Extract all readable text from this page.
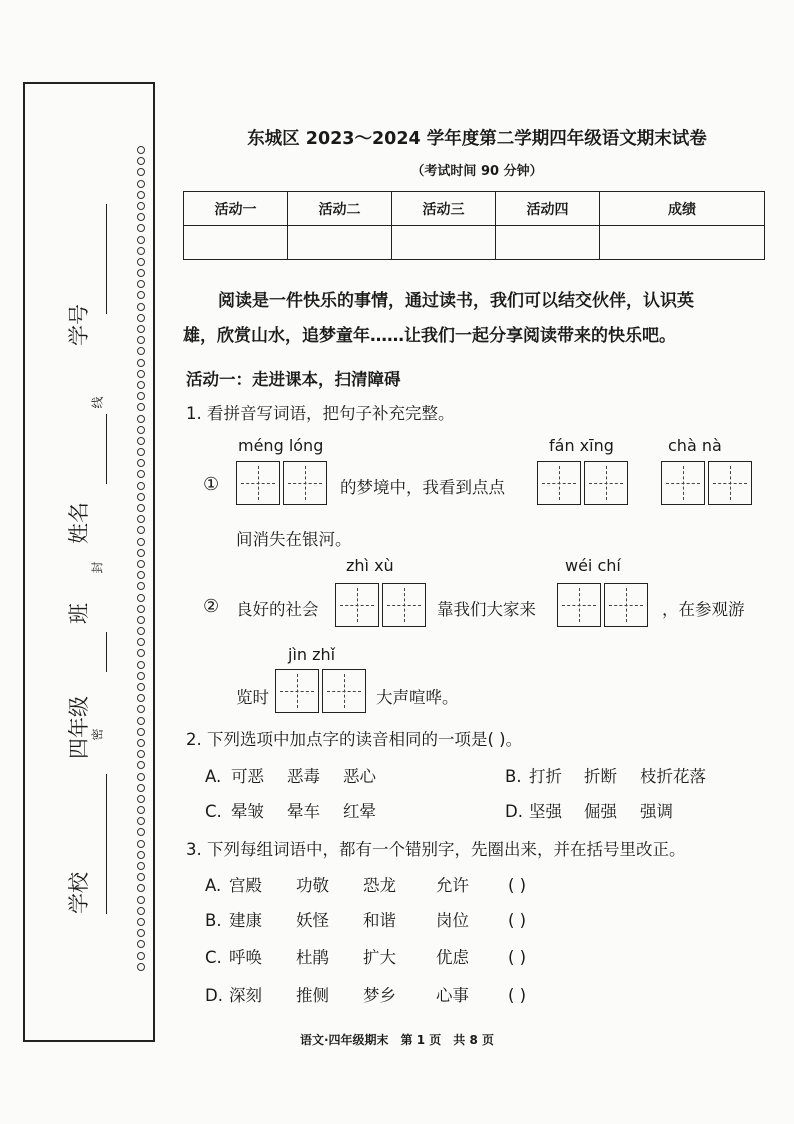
学号
线
姓名
封
班
四年级 密
学校
东城区 2023～2024 学年度第二学期四年级语文期末试卷
（考试时间 90 分钟）
活动一	活动二	活动三	活动四	成绩

阅读是一件快乐的事情，通过读书，我们可以结交伙伴，认识英
雄，欣赏山水，追梦童年……让我们一起分享阅读带来的快乐吧。
活动一：走进课本，扫清障碍
1. 看拼音写词语，把句子补充完整。
méng lóng
①	的梦境中，我看到点点
fán xīng	chà nà
间消失在银河。
zhì xù	wéi chí
② 良好的社会	靠我们大家来	，在参观游
jìn zhǐ
览时	大声喧哗。
2. 下列选项中加点字的读音相同的一项是( )。
A. 可恶 恶毒 恶心	B. 打折 折断 枝折花落
C. 晕皱 晕车 红晕	D. 坚强 倔强 强调
3. 下列每组词语中，都有一个错别字，先圈出来，并在括号里改正。
A. 宫殿 功敬 恐龙 允许 ( )
B. 建康 妖怪 和谐 岗位 ( )
C. 呼唤 杜鹃 扩大 优虑 ( )
D. 深刻 推侧 梦乡 心事 ( )
语文·四年级期末　第 1 页　共 8 页
